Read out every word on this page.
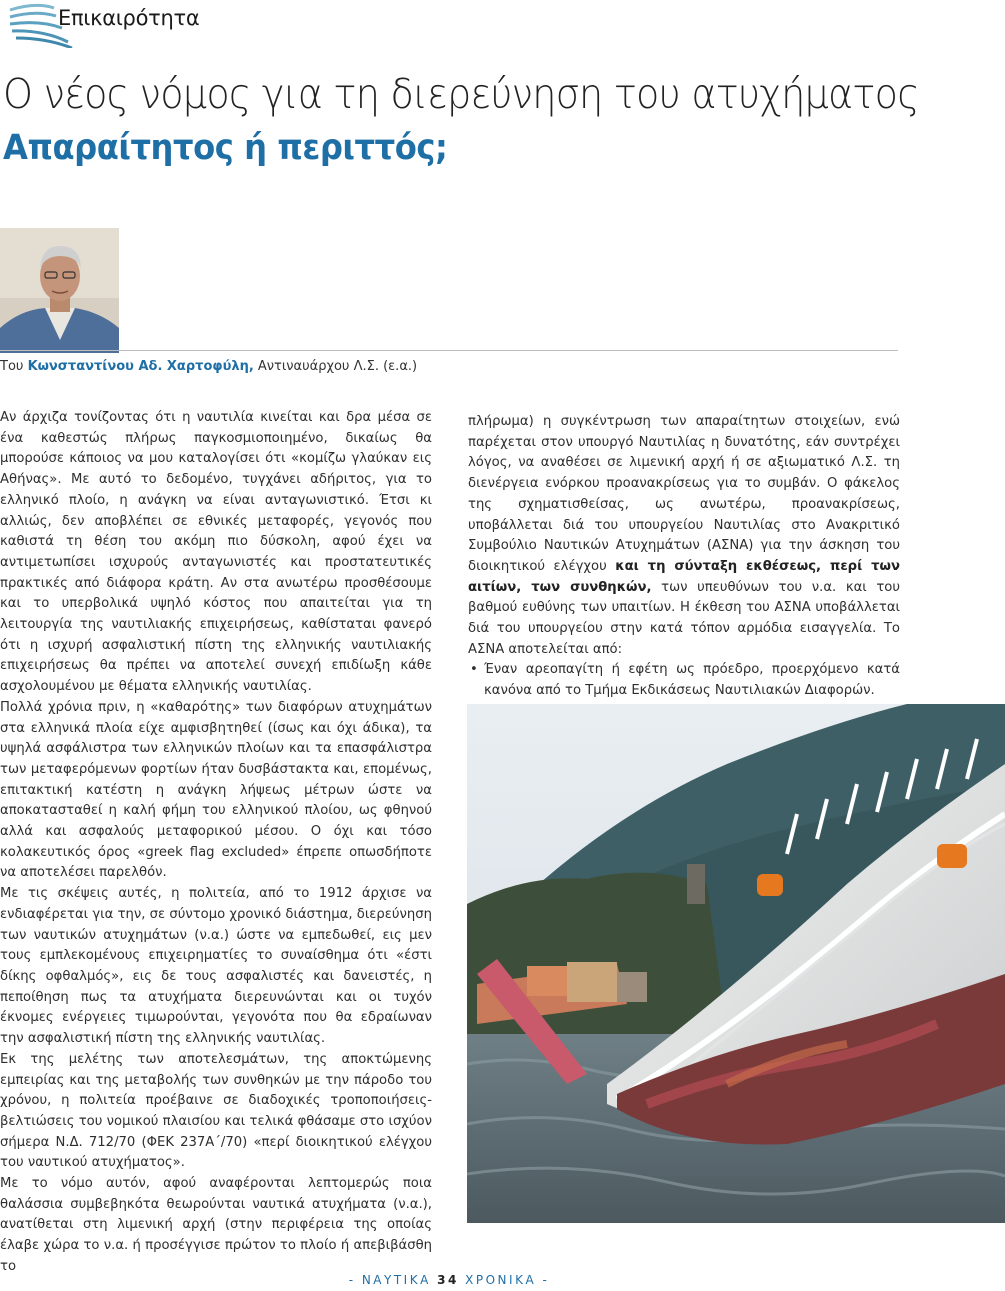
Επικαιρότητα
Ο νέος νόμος για τη διερεύνηση του ατυχήματος
Απαραίτητος ή περιττός;
Του Κωνσταντίνου Αδ. Χαρτοφύλη, Αντιναυάρχου Λ.Σ. (ε.α.)

Αν άρχιζα τονίζοντας ότι η ναυτιλία κινείται και δρα μέσα σε ένα καθεστώς πλήρως παγκοσμιοποιημένο, δικαίως θα μπορούσε κάποιος να μου καταλογίσει ότι «κομίζω γλαύκαν εις Αθήνας». Με αυτό το δεδομένο, τυγχάνει αδήριτος, για το ελληνικό πλοίο, η ανάγκη να είναι ανταγωνιστικό. Έτσι κι αλλιώς, δεν αποβλέπει σε εθνικές μεταφορές, γεγονός που καθιστά τη θέση του ακόμη πιο δύσκολη, αφού έχει να αντιμετωπίσει ισχυρούς ανταγωνιστές και προστατευτικές πρακτικές από διάφορα κράτη. Αν στα ανωτέρω προσθέσουμε και το υπερβολικά υψηλό κόστος που απαιτείται για τη λειτουργία της ναυτιλιακής επιχειρήσεως, καθίσταται φανερό ότι η ισχυρή ασφαλιστική πίστη της ελληνικής ναυτιλιακής επιχειρήσεως θα πρέπει να αποτελεί συνεχή επιδίωξη κάθε ασχολουμένου με θέματα ελληνικής ναυτιλίας.

Πολλά χρόνια πριν, η «καθαρότης» των διαφόρων ατυχημάτων στα ελληνικά πλοία είχε αμφισβητηθεί (ίσως και όχι άδικα), τα υψηλά ασφάλιστρα των ελληνικών πλοίων και τα επασφάλιστρα των μεταφερόμενων φορτίων ήταν δυσβάστακτα και, επομένως, επιτακτική κατέστη η ανάγκη λήψεως μέτρων ώστε να αποκατασταθεί η καλή φήμη του ελληνικού πλοίου, ως φθηνού αλλά και ασφαλούς μεταφορικού μέσου. Ο όχι και τόσο κολακευτικός όρος «greek flag excluded» έπρεπε οπωσδήποτε να αποτελέσει παρελθόν.

Με τις σκέψεις αυτές, η πολιτεία, από το 1912 άρχισε να ενδιαφέρεται για την, σε σύντομο χρονικό διάστημα, διερεύνηση των ναυτικών ατυχημάτων (ν.α.) ώστε να εμπεδωθεί, εις μεν τους εμπλεκομένους επιχειρηματίες το συναίσθημα ότι «έστι δίκης οφθαλμός», εις δε τους ασφαλιστές και δανειστές, η πεποίθηση πως τα ατυχήματα διερευνώνται και οι τυχόν έκνομες ενέργειες τιμωρούνται, γεγονότα που θα εδραίωναν την ασφαλιστική πίστη της ελληνικής ναυτιλίας.

Εκ της μελέτης των αποτελεσμάτων, της αποκτώμενης εμπειρίας και της μεταβολής των συνθηκών με την πάροδο του χρόνου, η πολιτεία προέβαινε σε διαδοχικές τροποποιήσεις-βελτιώσεις του νομικού πλαισίου και τελικά φθάσαμε στο ισχύον σήμερα Ν.Δ. 712/70 (ΦΕΚ 237Α΄/70) «περί διοικητικού ελέγχου του ναυτικού ατυχήματος».

Με το νόμο αυτόν, αφού αναφέρονται λεπτομερώς ποια θαλάσσια συμβεβηκότα θεωρούνται ναυτικά ατυχήματα (ν.α.), ανατίθεται στη λιμενική αρχή (στην περιφέρεια της οποίας έλαβε χώρα το ν.α. ή προσέγγισε πρώτον το πλοίο ή απεβιβάσθη το

πλήρωμα) η συγκέντρωση των απαραίτητων στοιχείων, ενώ παρέχεται στον υπουργό Ναυτιλίας η δυνατότης, εάν συντρέχει λόγος, να αναθέσει σε λιμενική αρχή ή σε αξιωματικό Λ.Σ. τη διενέργεια ενόρκου προανακρίσεως για το συμβάν. Ο φάκελος της σχηματισθείσας, ως ανωτέρω, προανακρίσεως, υποβάλλεται διά του υπουργείου Ναυτιλίας στο Ανακριτικό Συμβούλιο Ναυτικών Ατυχημάτων (ΑΣΝΑ) για την άσκηση του διοικητικού ελέγχου και τη σύνταξη εκθέσεως, περί των αιτίων, των συνθηκών, των υπευθύνων του ν.α. και του βαθμού ευθύνης των υπαιτίων. Η έκθεση του ΑΣΝΑ υποβάλλεται διά του υπουργείου στην κατά τόπον αρμόδια εισαγγελία. Το ΑΣΝΑ αποτελείται από:

• Έναν αρεοπαγίτη ή εφέτη ως πρόεδρο, προερχόμενο κατά κανόνα από το Τμήμα Εκδικάσεως Ναυτιλιακών Διαφορών.
- ΝΑΥΤΙΚΑ 34 ΧΡΟΝΙΚΑ -
